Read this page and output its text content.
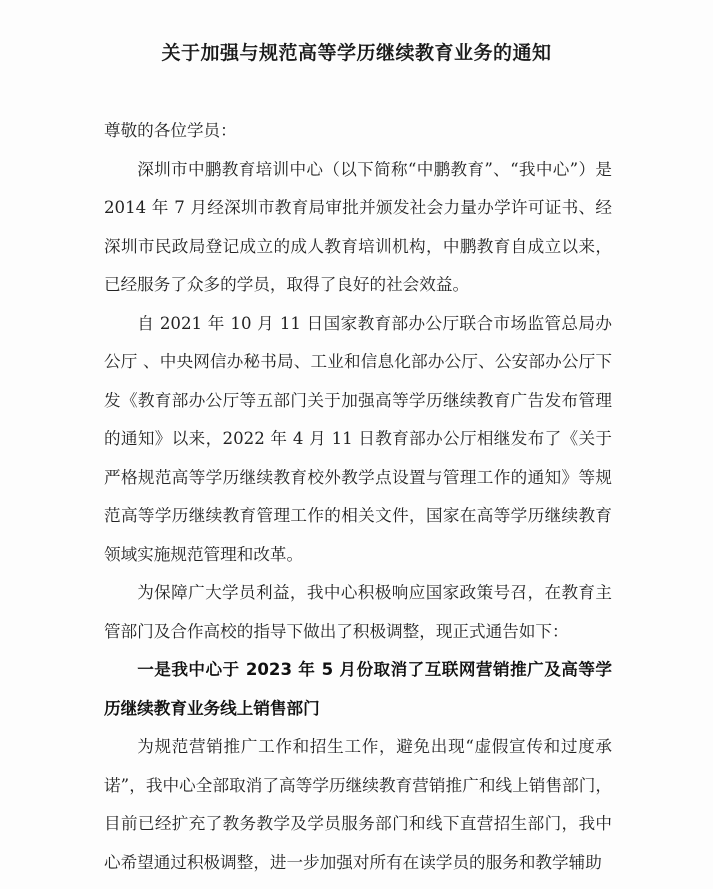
关于加强与规范高等学历继续教育业务的通知

尊敬的各位学员：

深圳市中鹏教育培训中心（以下简称“中鹏教育”、“我中心”）是 2014 年 7 月经深圳市教育局审批并颁发社会力量办学许可证书、经深圳市民政局登记成立的成人教育培训机构，中鹏教育自成立以来，已经服务了众多的学员，取得了良好的社会效益。

自 2021 年 10 月 11 日国家教育部办公厅联合市场监管总局办公厅 、中央网信办秘书局、工业和信息化部办公厅、公安部办公厅下发《教育部办公厅等五部门关于加强高等学历继续教育广告发布管理的通知》以来，2022 年 4 月 11 日教育部办公厅相继发布了《关于严格规范高等学历继续教育校外教学点设置与管理工作的通知》等规范高等学历继续教育管理工作的相关文件，国家在高等学历继续教育领域实施规范管理和改革。

为保障广大学员利益，我中心积极响应国家政策号召，在教育主管部门及合作高校的指导下做出了积极调整，现正式通告如下：

一是我中心于 2023 年 5 月份取消了互联网营销推广及高等学历继续教育业务线上销售部门

为规范营销推广工作和招生工作，避免出现“虚假宣传和过度承诺”，我中心全部取消了高等学历继续教育营销推广和线上销售部门，目前已经扩充了教务教学及学员服务部门和线下直营招生部门，我中心希望通过积极调整，进一步加强对所有在读学员的服务和教学辅助
